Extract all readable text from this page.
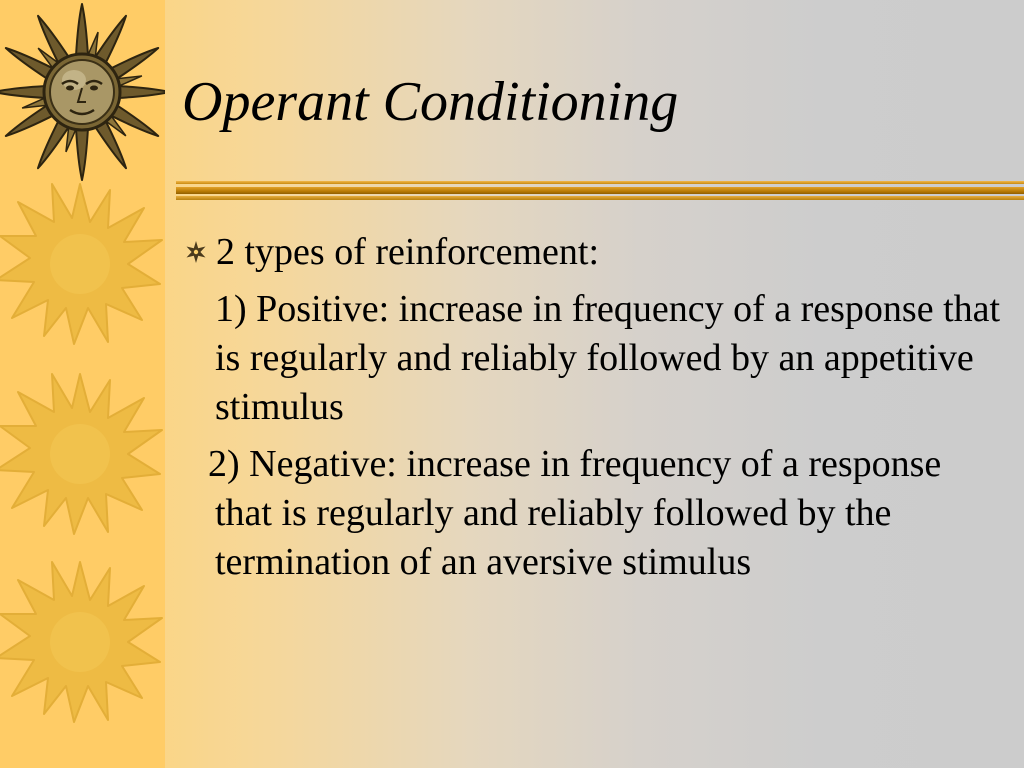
Operant Conditioning
2 types of reinforcement:

1) Positive: increase in frequency of a response that is regularly and reliably followed by an appetitive stimulus

2) Negative: increase in frequency of a response that is regularly and reliably followed by the termination of an aversive stimulus
